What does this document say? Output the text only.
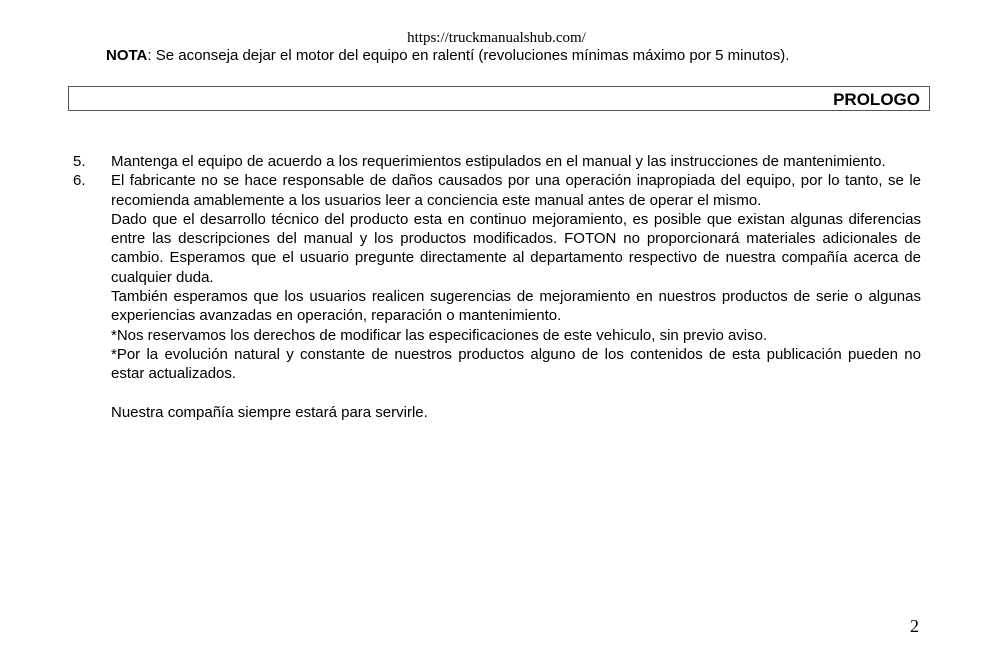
https://truckmanualshub.com/
NOTA: Se aconseja dejar el motor del equipo en ralentí (revoluciones mínimas máximo por 5 minutos).
PROLOGO
5. Mantenga el equipo de acuerdo a los requerimientos estipulados en el manual y las instrucciones de mantenimiento.

6. El fabricante no se hace responsable de daños causados por una operación inapropiada del equipo, por lo tanto, se le recomienda amablemente a los usuarios leer a conciencia este manual antes de operar el mismo.

Dado que el desarrollo técnico del producto esta en continuo mejoramiento, es posible que existan algunas diferencias entre las descripciones del manual y los productos modificados. FOTON no proporcionará materiales adicionales de cambio. Esperamos que el usuario pregunte directamente al departamento respectivo de nuestra compañía acerca de cualquier duda.

También esperamos que los usuarios realicen sugerencias de mejoramiento en nuestros productos de serie o algunas experiencias avanzadas en operación, reparación o mantenimiento.

*Nos reservamos los derechos de modificar las especificaciones de este vehiculo, sin previo aviso.

*Por la evolución natural y constante de nuestros productos alguno de los contenidos de esta publicación pueden no estar actualizados.

Nuestra compañía siempre estará para servirle.
2
